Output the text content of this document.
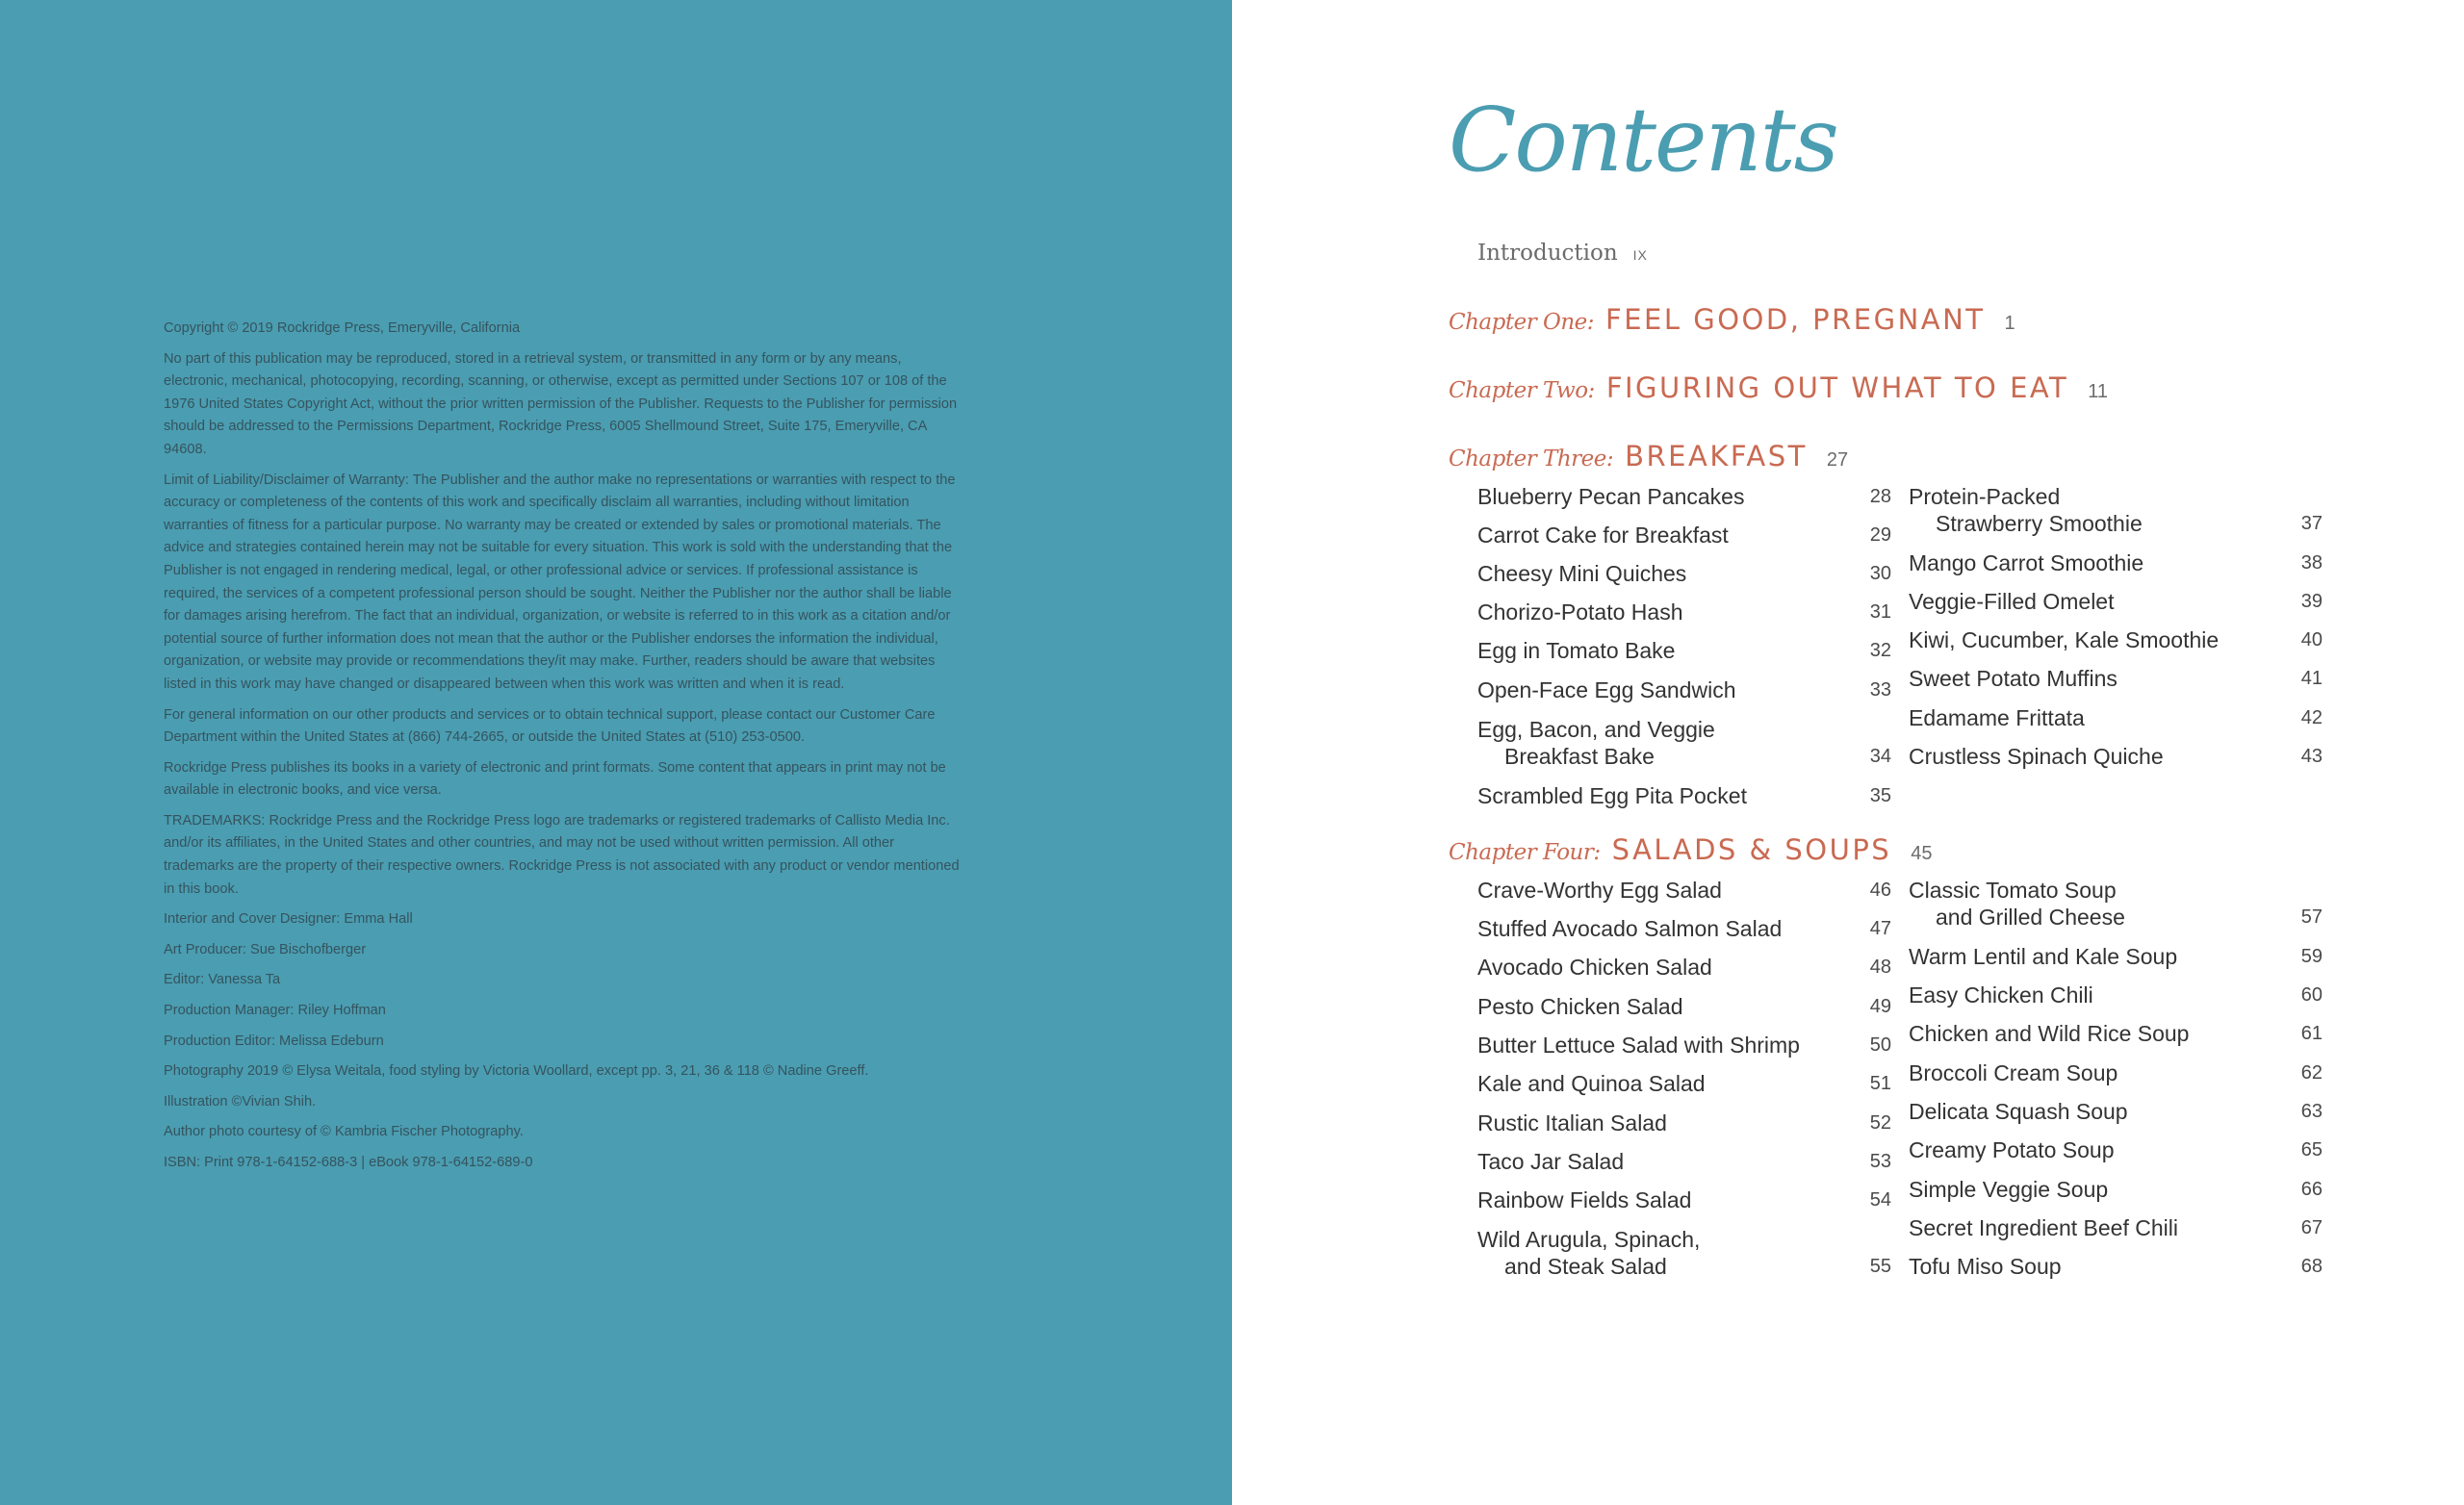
Copyright © 2019 Rockridge Press, Emeryville, California

No part of this publication may be reproduced, stored in a retrieval system, or transmitted in any form or by any means, electronic, mechanical, photocopying, recording, scanning, or otherwise, except as permitted under Sections 107 or 108 of the 1976 United States Copyright Act, without the prior written permission of the Publisher. Requests to the Publisher for permission should be addressed to the Permissions Department, Rockridge Press, 6005 Shellmound Street, Suite 175, Emeryville, CA 94608.

Limit of Liability/Disclaimer of Warranty: The Publisher and the author make no representations or warranties with respect to the accuracy or completeness of the contents of this work and specifically disclaim all warranties, including without limitation warranties of fitness for a particular purpose. No warranty may be created or extended by sales or promotional materials. The advice and strategies contained herein may not be suitable for every situation. This work is sold with the understanding that the Publisher is not engaged in rendering medical, legal, or other professional advice or services. If professional assistance is required, the services of a competent professional person should be sought. Neither the Publisher nor the author shall be liable for damages arising herefrom. The fact that an individual, organization, or website is referred to in this work as a citation and/or potential source of further information does not mean that the author or the Publisher endorses the information the individual, organization, or website may provide or recommendations they/it may make. Further, readers should be aware that websites listed in this work may have changed or disappeared between when this work was written and when it is read.

For general information on our other products and services or to obtain technical support, please contact our Customer Care Department within the United States at (866) 744-2665, or outside the United States at (510) 253-0500.

Rockridge Press publishes its books in a variety of electronic and print formats. Some content that appears in print may not be available in electronic books, and vice versa.

TRADEMARKS: Rockridge Press and the Rockridge Press logo are trademarks or registered trademarks of Callisto Media Inc. and/or its affiliates, in the United States and other countries, and may not be used without written permission. All other trademarks are the property of their respective owners. Rockridge Press is not associated with any product or vendor mentioned in this book.

Interior and Cover Designer: Emma Hall

Art Producer: Sue Bischofberger

Editor: Vanessa Ta

Production Manager: Riley Hoffman

Production Editor: Melissa Edeburn

Photography 2019 © Elysa Weitala, food styling by Victoria Woollard, except pp. 3, 21, 36 & 118 © Nadine Greeff.

Illustration ©Vivian Shih.

Author photo courtesy of © Kambria Fischer Photography.

ISBN: Print 978-1-64152-688-3 | eBook 978-1-64152-689-0

Contents
Introduction IX
Chapter One: FEEL GOOD, PREGNANT 1
Chapter Two: FIGURING OUT WHAT TO EAT 11
Chapter Three: BREAKFAST 27
Chapter Four: SALADS & SOUPS 45
Blueberry Pecan Pancakes	28
Carrot Cake for Breakfast	29
Cheesy Mini Quiches	30
Chorizo-Potato Hash	31
Egg in Tomato Bake	32
Open-Face Egg Sandwich	33
Egg, Bacon, and Veggie
Breakfast Bake	34
Scrambled Egg Pita Pocket	35
Protein-Packed
Strawberry Smoothie	37
Mango Carrot Smoothie	38
Veggie-Filled Omelet	39
Kiwi, Cucumber, Kale Smoothie	40
Sweet Potato Muffins	41
Edamame Frittata	42
Crustless Spinach Quiche	43
Crave-Worthy Egg Salad	46
Stuffed Avocado Salmon Salad	47
Avocado Chicken Salad	48
Pesto Chicken Salad	49
Butter Lettuce Salad with Shrimp	50
Kale and Quinoa Salad	51
Rustic Italian Salad	52
Taco Jar Salad	53
Rainbow Fields Salad	54
Wild Arugula, Spinach,
and Steak Salad	55
Classic Tomato Soup
and Grilled Cheese	57
Warm Lentil and Kale Soup	59
Easy Chicken Chili	60
Chicken and Wild Rice Soup	61
Broccoli Cream Soup	62
Delicata Squash Soup	63
Creamy Potato Soup	65
Simple Veggie Soup	66
Secret Ingredient Beef Chili	67
Tofu Miso Soup	68
